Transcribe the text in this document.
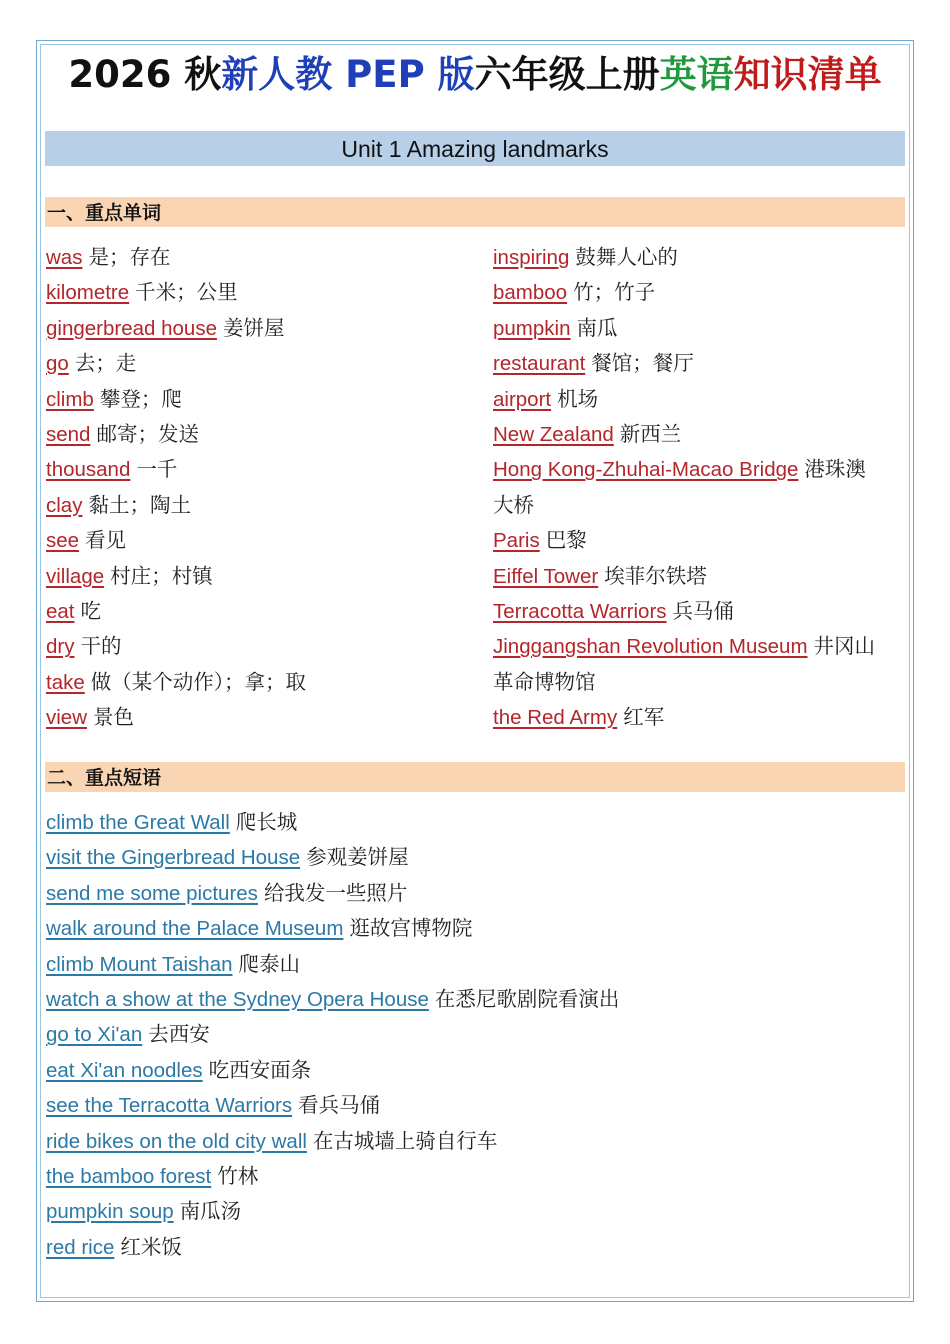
2026 秋新人教 PEP 版六年级上册英语知识清单
Unit 1 Amazing landmarks
一、重点单词
was 是；存在
kilometre 千米；公里
gingerbread house 姜饼屋
go 去；走
climb 攀登；爬
send 邮寄；发送
thousand 一千
clay 黏土；陶土
see 看见
village 村庄；村镇
eat 吃
dry 干的
take 做（某个动作）；拿；取
view 景色
inspiring 鼓舞人心的
bamboo 竹；竹子
pumpkin 南瓜
restaurant 餐馆；餐厅
airport 机场
New Zealand 新西兰
Hong Kong-Zhuhai-Macao Bridge 港珠澳
大桥
Paris 巴黎
Eiffel Tower 埃菲尔铁塔
Terracotta Warriors 兵马俑
Jinggangshan Revolution Museum 井冈山
革命博物馆
the Red Army 红军
二、重点短语
climb the Great Wall 爬长城
visit the Gingerbread House 参观姜饼屋
send me some pictures 给我发一些照片
walk around the Palace Museum 逛故宫博物院
climb Mount Taishan 爬泰山
watch a show at the Sydney Opera House 在悉尼歌剧院看演出
go to Xi'an 去西安
eat Xi'an noodles 吃西安面条
see the Terracotta Warriors 看兵马俑
ride bikes on the old city wall 在古城墙上骑自行车
the bamboo forest 竹林
pumpkin soup 南瓜汤
red rice 红米饭
